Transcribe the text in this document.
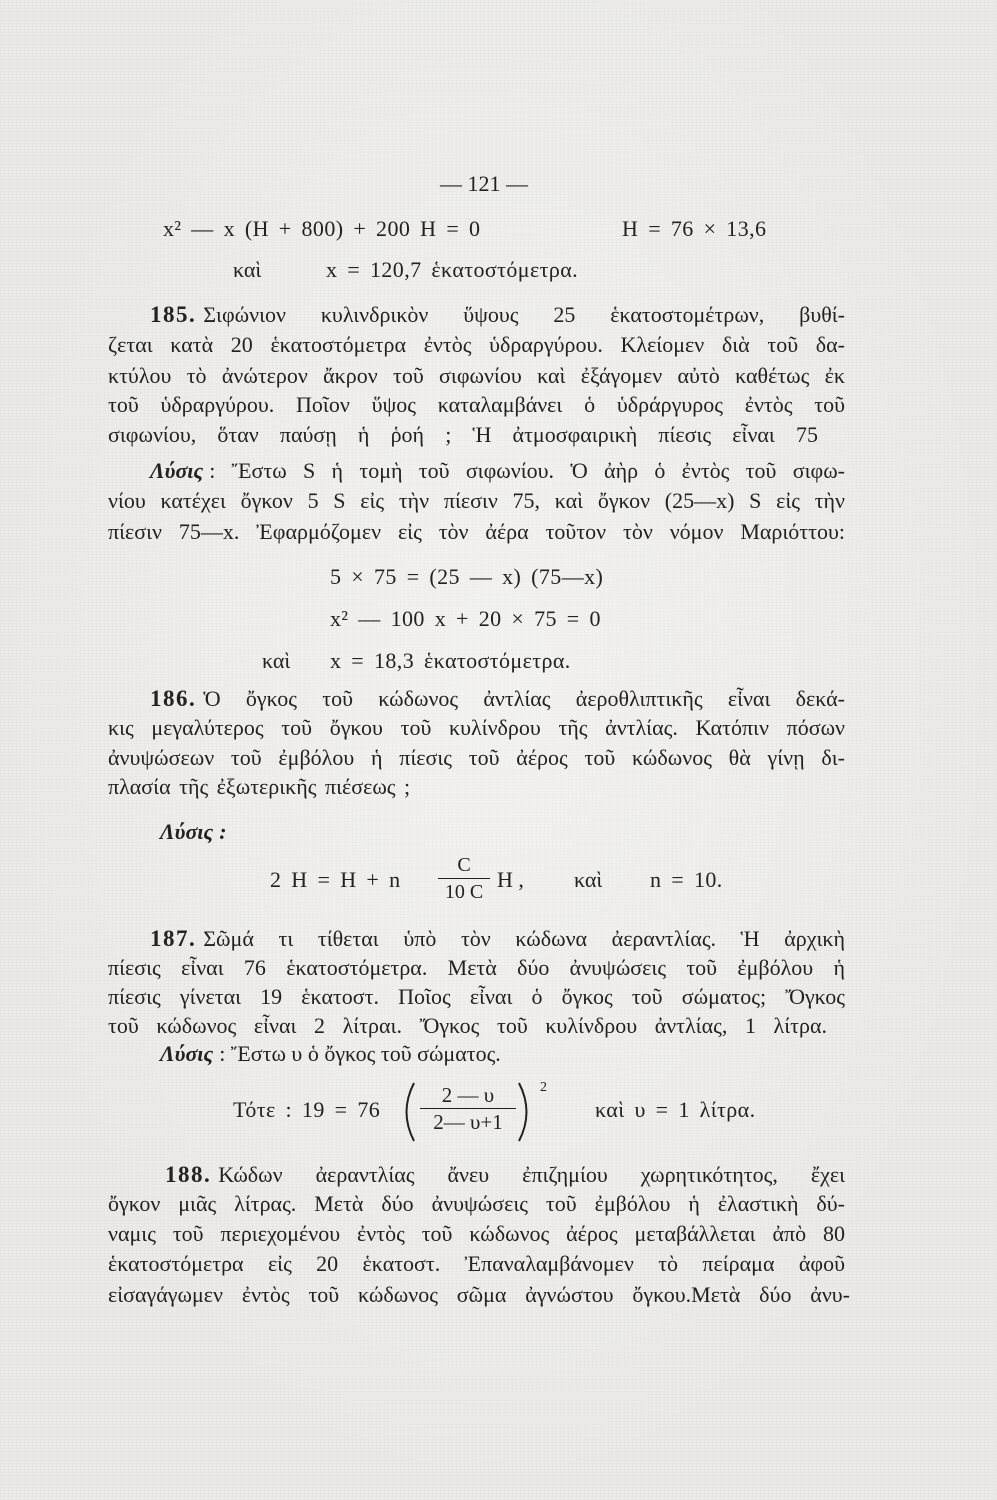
— 121 —
x² — x (H + 800) + 200 H = 0	H = 76 × 13,6
καὶ	x = 120,7 ἑκατοστόμετρα.
185. Σιφώνιον κυλινδρικὸν ὕψους 25 ἑκατοστομέτρων, βυθί-
ζεται κατὰ 20 ἑκατοστόμετρα ἐντὸς ὑδραργύρου. Κλείομεν διὰ τοῦ δα-
κτύλου τὸ ἀνώτερον ἄκρον τοῦ σιφωνίου καὶ ἐξάγομεν αὐτὸ καθέτως ἐκ
τοῦ ὑδραργύρου. Ποῖον ὕψος καταλαμβάνει ὁ ὑδράργυρος ἐντὸς τοῦ
σιφωνίου, ὅταν παύσῃ ἡ ῥοή ; Ἡ ἀτμοσφαιρικὴ πίεσις εἶναι 75
Λύσις : Ἔστω S ἡ τομὴ τοῦ σιφωνίου. Ὁ ἀὴρ ὁ ἐντὸς τοῦ σιφω-
νίου κατέχει ὄγκον 5 S εἰς τὴν πίεσιν 75, καὶ ὄγκον (25—x) S εἰς τὴν
πίεσιν 75—x. Ἐφαρμόζομεν εἰς τὸν ἀέρα τοῦτον τὸν νόμον Μαριόττου:
5 × 75 = (25 — x) (75—x)
x² — 100 x + 20 × 75 = 0
καὶ x = 18,3 ἑκατοστόμετρα.
186. Ὁ ὄγκος τοῦ κώδωνος ἀντλίας ἀεροθλιπτικῆς εἶναι δεκά-
κις μεγαλύτερος τοῦ ὄγκου τοῦ κυλίνδρου τῆς ἀντλίας. Κατόπιν πόσων
ἀνυψώσεων τοῦ ἐμβόλου ἡ πίεσις τοῦ ἀέρος τοῦ κώδωνος θὰ γίνῃ δι-
πλασία τῆς ἐξωτερικῆς πιέσεως ;
Λύσις :
2 H = H + n $\frac{C}{10 C}$ H , καὶ n = 10.
187. Σῶμά τι τίθεται ὑπὸ τὸν κώδωνα ἀεραντλίας. Ἡ ἀρχικὴ
πίεσις εἶναι 76 ἑκατοστόμετρα. Μετὰ δύο ἀνυψώσεις τοῦ ἐμβόλου ἡ
πίεσις γίνεται 19 ἑκατοστ. Ποῖος εἶναι ὁ ὄγκος τοῦ σώματος; Ὄγκος
τοῦ κώδωνος εἶναι 2 λίτραι. Ὄγκος τοῦ κυλίνδρου ἀντλίας, 1 λίτρα.
Λύσις : Ἔστω υ ὁ ὄγκος τοῦ σώματος.
Τότε : $19 = 76 \frac{2 — \upsilon}{2— \upsilon+1} 2$
καὶ υ = 1 λίτρα.
188. Κώδων ἀεραντλίας ἄνευ ἐπιζημίου χωρητικότητος, ἔχει
ὄγκον μιᾶς λίτρας. Μετὰ δύο ἀνυψώσεις τοῦ ἐμβόλου ἡ ἐλαστικὴ δύ-
ναμις τοῦ περιεχομένου ἐντὸς τοῦ κώδωνος ἀέρος μεταβάλλεται ἀπὸ 80
ἑκατοστόμετρα εἰς 20 ἑκατοστ. Ἐπαναλαμβάνομεν τὸ πείραμα ἀφοῦ
εἰσαγάγωμεν ἐντὸς τοῦ κώδωνος σῶμα ἀγνώστου ὄγκου.Μετὰ δύο ἀνυ-
